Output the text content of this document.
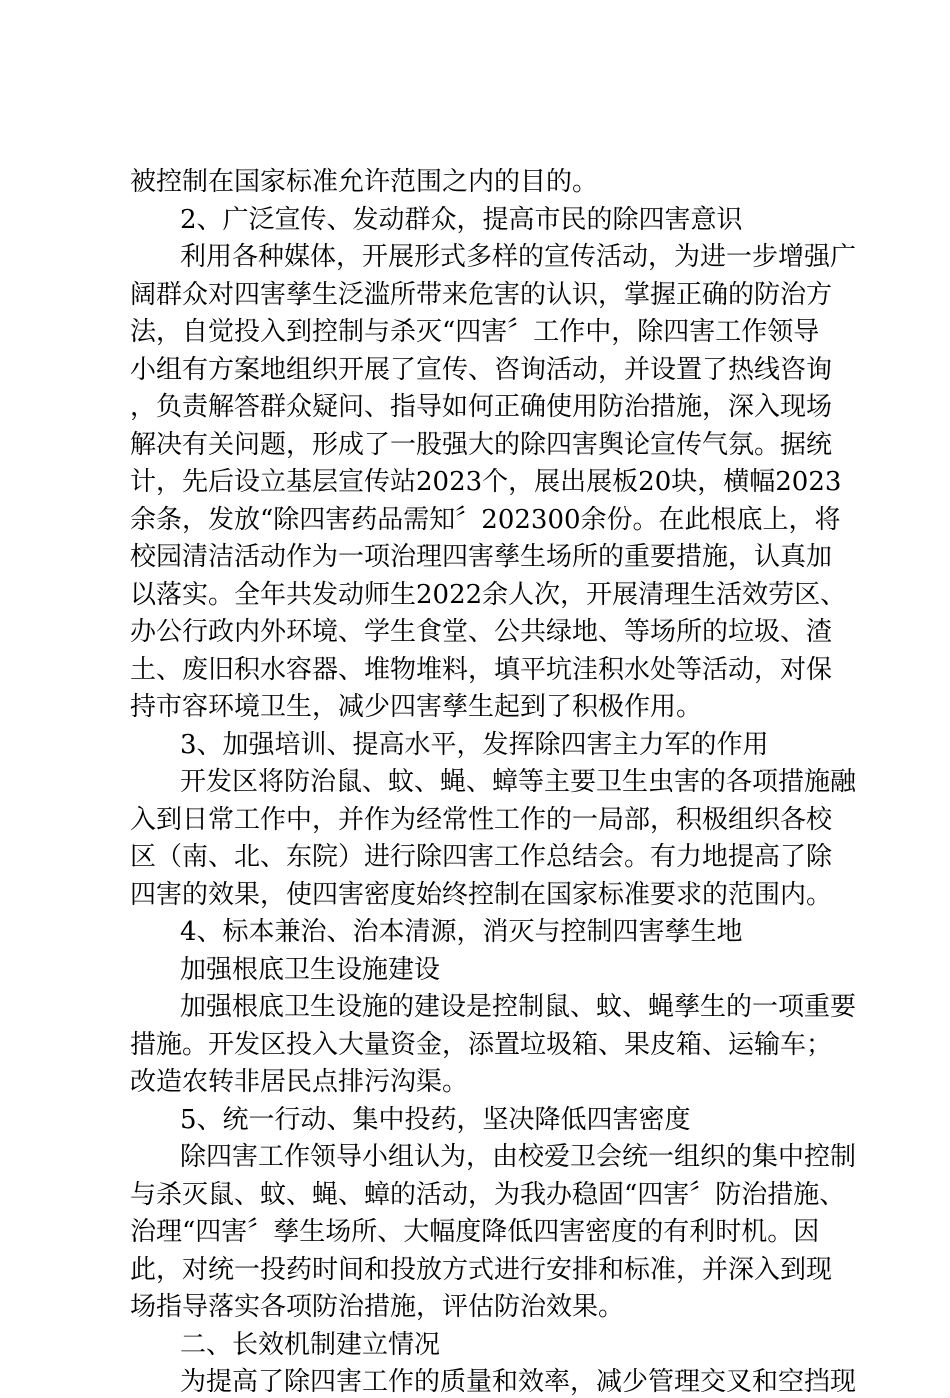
被控制在国家标准允许范围之内的目的。
2、广泛宣传、发动群众，提高市民的除四害意识
利用各种媒体，开展形式多样的宣传活动，为进一步增强广
阔群众对四害孳生泛滥所带来危害的认识，掌握正确的防治方
法，自觉投入到控制与杀灭“四害〞工作中，除四害工作领导
小组有方案地组织开展了宣传、咨询活动，并设置了热线咨询
，负责解答群众疑问、指导如何正确使用防治措施，深入现场
解决有关问题，形成了一股强大的除四害舆论宣传气氛。据统
计，先后设立基层宣传站2023个，展出展板20块，横幅2023
余条，发放“除四害药品需知〞202300余份。在此根底上，将
校园清洁活动作为一项治理四害孳生场所的重要措施，认真加
以落实。全年共发动师生2022余人次，开展清理生活效劳区、
办公行政内外环境、学生食堂、公共绿地、等场所的垃圾、渣
土、废旧积水容器、堆物堆料，填平坑洼积水处等活动，对保
持市容环境卫生，减少四害孳生起到了积极作用。
3、加强培训、提高水平，发挥除四害主力军的作用
开发区将防治鼠、蚊、蝇、蟑等主要卫生虫害的各项措施融
入到日常工作中，并作为经常性工作的一局部，积极组织各校
区（南、北、东院）进行除四害工作总结会。有力地提高了除
四害的效果，使四害密度始终控制在国家标准要求的范围内。
4、标本兼治、治本清源，消灭与控制四害孳生地
加强根底卫生设施建设
加强根底卫生设施的建设是控制鼠、蚊、蝇孳生的一项重要
措施。开发区投入大量资金，添置垃圾箱、果皮箱、运输车；
改造农转非居民点排污沟渠。
5、统一行动、集中投药，坚决降低四害密度
除四害工作领导小组认为，由校爱卫会统一组织的集中控制
与杀灭鼠、蚊、蝇、蟑的活动，为我办稳固“四害〞防治措施、
治理“四害〞孳生场所、大幅度降低四害密度的有利时机。因
此，对统一投药时间和投放方式进行安排和标准，并深入到现
场指导落实各项防治措施，评估防治效果。
二、长效机制建立情况
为提高了除四害工作的质量和效率，减少管理交叉和空挡现
